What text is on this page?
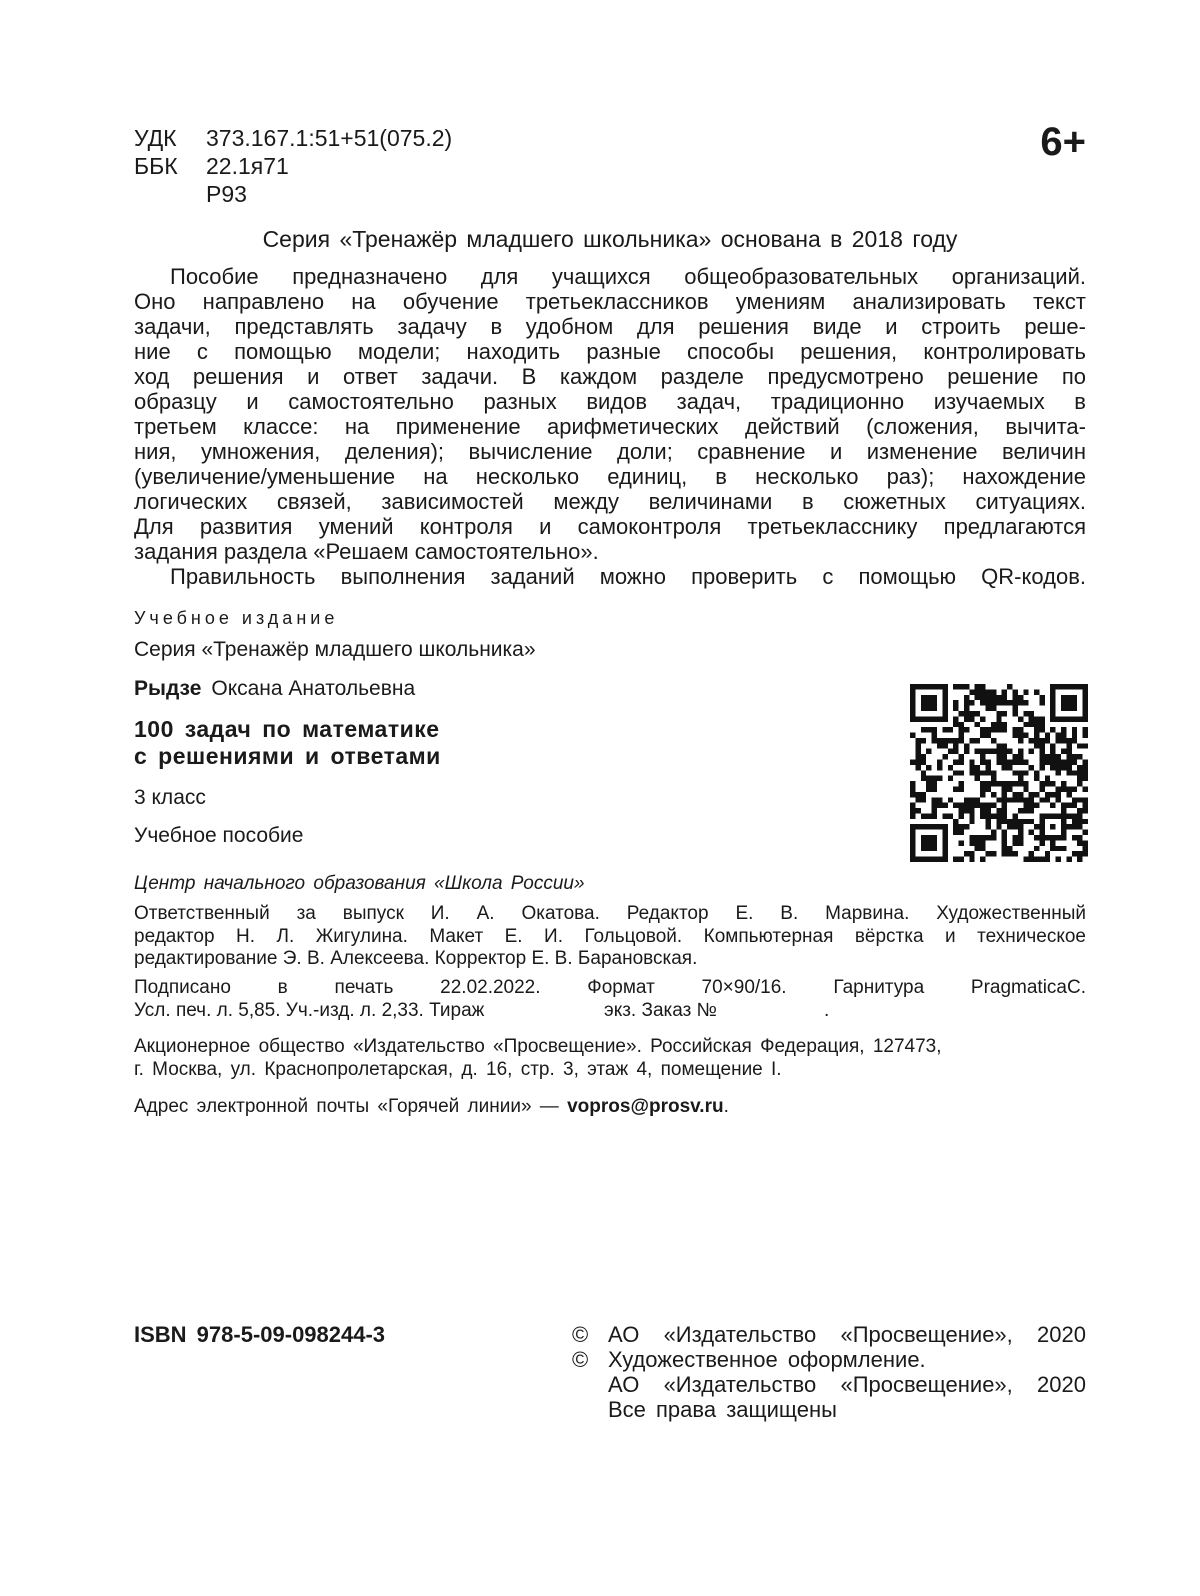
УДК	373.167.1:51+51(075.2)
ББК	22.1я71
Р93
6+
Серия «Тренажёр младшего школьника» основана в 2018 году
Пособие предназначено для учащихся общеобразовательных организаций.
Оно направлено на обучение третьеклассников умениям анализировать текст
задачи, представлять задачу в удобном для решения виде и строить реше-
ние с помощью модели; находить разные способы решения, контролировать
ход решения и ответ задачи. В каждом разделе предусмотрено решение по
образцу и самостоятельно разных видов задач, традиционно изучаемых в
третьем классе: на применение арифметических действий (сложения, вычита-
ния, умножения, деления); вычисление доли; сравнение и изменение величин
(увеличение/уменьшение на несколько единиц, в несколько раз); нахождение
логических связей, зависимостей между величинами в сюжетных ситуациях.
Для развития умений контроля и самоконтроля третьекласснику предлагаются
задания раздела «Решаем самостоятельно».
Правильность выполнения заданий можно проверить с помощью QR-кодов.
Учебное издание
Серия «Тренажёр младшего школьника»
Рыдзе Оксана Анатольевна
100 задач по математике
с решениями и ответами
3 класс
Учебное пособие
Центр начального образования «Школа России»
Ответственный за выпуск И. А. Окатова. Редактор Е. В. Марвина. Художественный
редактор Н. Л. Жигулина. Макет Е. И. Гольцовой. Компьютерная вёрстка и техническое
редактирование Э. В. Алексеева. Корректор Е. В. Барановская.
Подписано в печать 22.02.2022. Формат 70×90/16. Гарнитура PragmaticaC.
Усл. печ. л. 5,85. Уч.-изд. л. 2,33. Тираж	экз. Заказ №	.
Акционерное общество «Издательство «Просвещение». Российская Федерация, 127473,
г. Москва, ул. Краснопролетарская, д. 16, стр. 3, этаж 4, помещение I.
Адрес электронной почты «Горячей линии» — vopros@prosv.ru.
ISBN 978-5-09-098244-3	© АО «Издательство «Просвещение», 2020
© Художественное оформление.
АО «Издательство «Просвещение», 2020
Все права защищены
